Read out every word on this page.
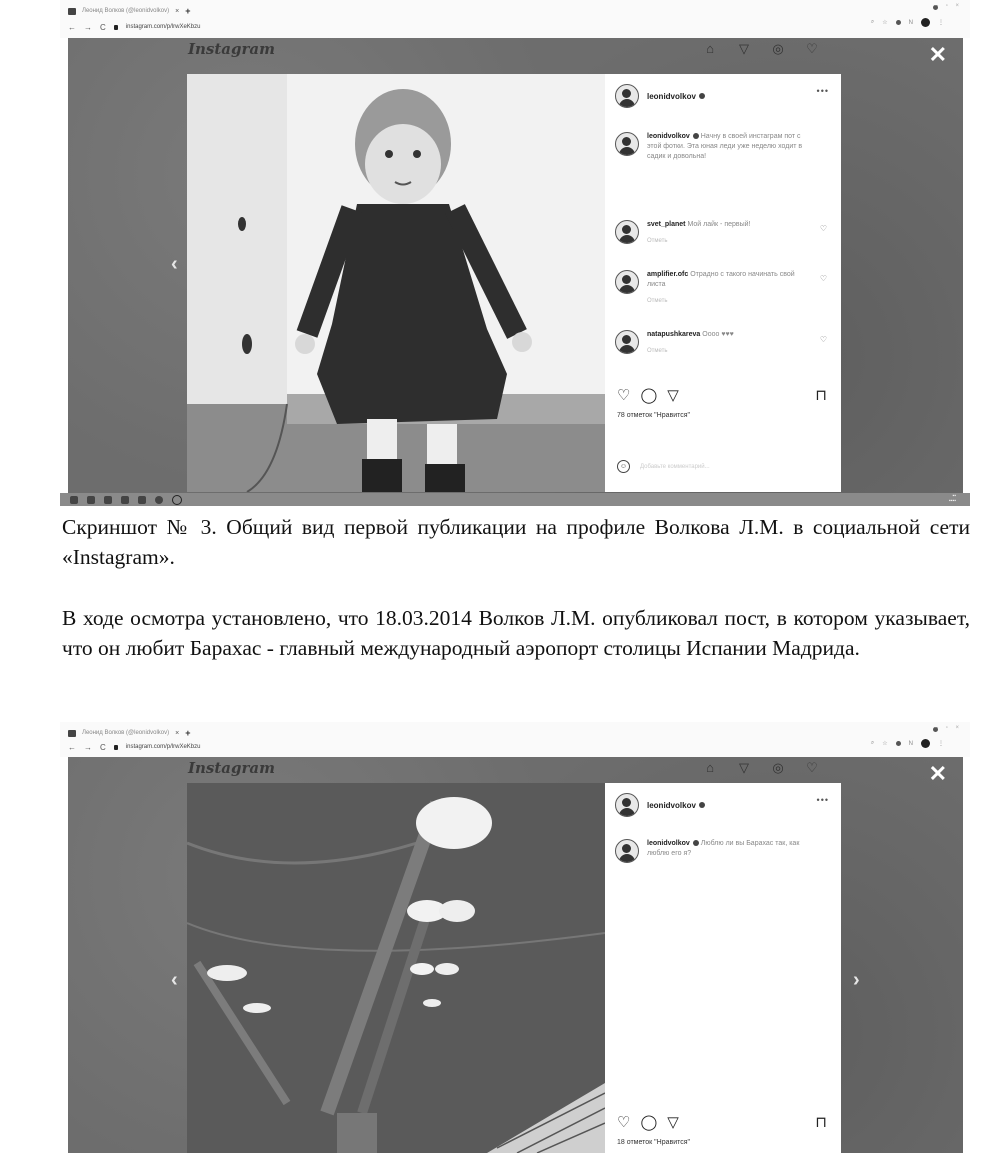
Леонид Волков (@leonidvolkov) × +
← → C	instagram.com/p/lrwXeKbzu
– ▫ ×
⌕ ☆	N	⋮
Instagram	⌂ ▽ ◎ ♡	✕
‹
leonidvolkov	•••
leonidvolkov Начну в своей инстаграм пот с этой фотки. Эта юная леди уже неделю ходит в садик и довольна!
svet_planet Мой лайк - первый!
Отметь
♡
amplifier.ofc Отрадно с такого начинать свой листа
Отметь
♡
natapushkareva Оооо ♥♥♥
Отметь
♡
♡ ◯ ▽	⊓
78 отметок "Нравится"
☺	Добавьте комментарий...
▪▪
▪▪▪▪

Скриншот № 3. Общий вид первой публикации на профиле Волкова Л.М. в социальной сети «Instagram».

В ходе осмотра установлено, что 18.03.2014 Волков Л.М. опубликовал пост, в котором указывает, что он любит Барахас - главный международный аэропорт столицы Испании Мадрида.

Леонид Волков (@leonidvolkov) × +
← → C	instagram.com/p/lrwXeKbzu
– ▫ ×
⌕ ☆	N	⋮
Instagram	⌂ ▽ ◎ ♡	✕
‹	›
leonidvolkov	•••
leonidvolkov Люблю ли вы Барахас так, как люблю его я?
♡ ◯ ▽	⊓
18 отметок "Нравится"
